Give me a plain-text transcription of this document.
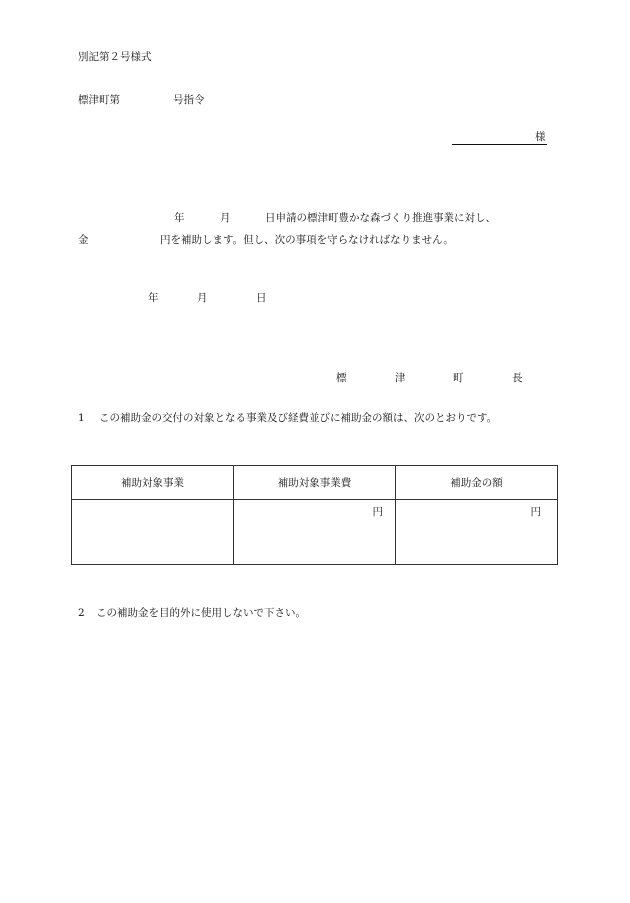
別記第２号様式
標津町第	号指令
様
年	月	日申請の標津町豊かな森づくり推進事業に対し、
金	円を補助します。但し、次の事項を守らなければなりません。
年	月	日
標	津	町	長
1 この補助金の交付の対象となる事業及び経費並びに補助金の額は、次のとおりです。
補助対象事業	補助対象事業費	補助金の額
	円	円
2 この補助金を目的外に使用しないで下さい。
